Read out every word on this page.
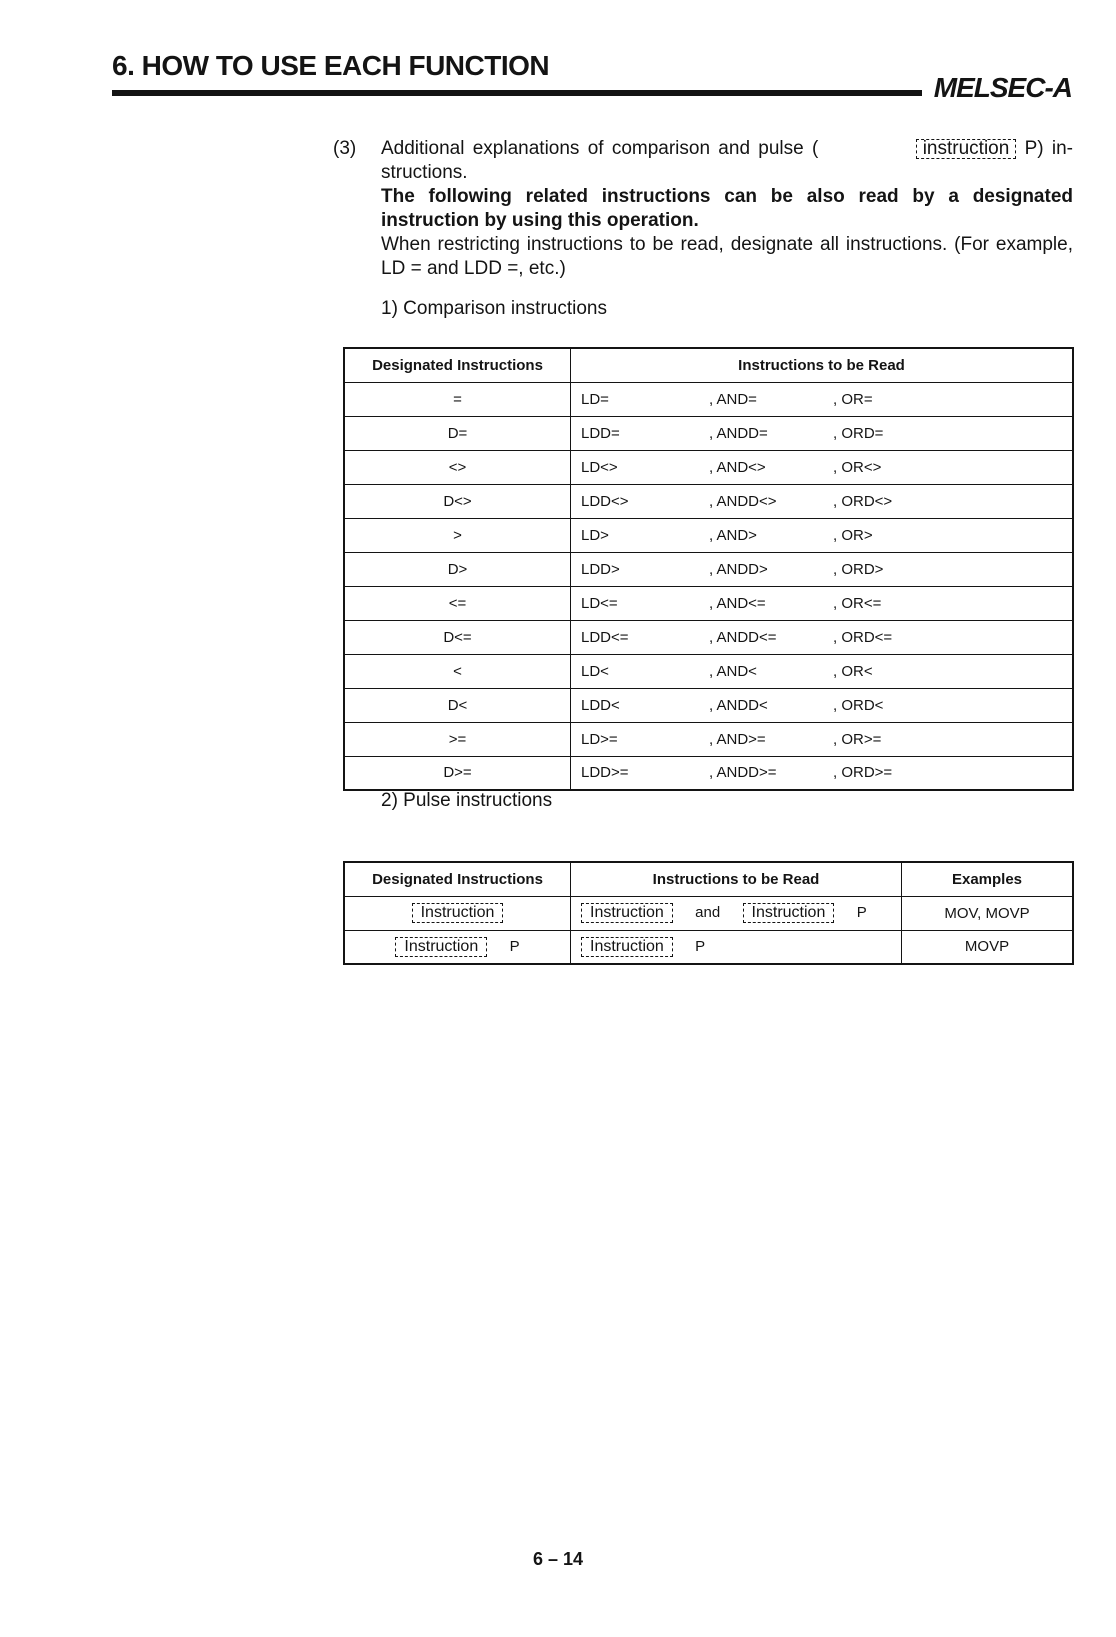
6. HOW TO USE EACH FUNCTION
MELSEC-A
(3) Additional explanations of comparison and pulse (	instruction P) in-

structions.

The following related instructions can be also read by a designated instruction by using this operation.

When restricting instructions to be read, designate all instructions. (For example, LD = and LDD =, etc.)

1) Comparison instructions
Designated Instructions	Instructions to be Read
=	LD= , AND= , OR=

D=	LDD= , ANDD= , ORD=

<>	LD<> , AND<> , OR<>

D<>	LDD<> , ANDD<> , ORD<>

>	LD> , AND> , OR>

D>	LDD> , ANDD> , ORD>

<=	LD<= , AND<= , OR<=

D<=	LDD<= , ANDD<= , ORD<=

<	LD< , AND< , OR<

D<	LDD< , ANDD< , ORD<

>=	LD>= , AND>= , OR>=

D>=	LDD>= , ANDD>= , ORD>=
2) Pulse instructions
Designated Instructions	Instructions to be Read	Examples
Instruction	Instruction and Instruction P	MOV, MOVP
Instruction P	Instruction P	MOVP
6 – 14
